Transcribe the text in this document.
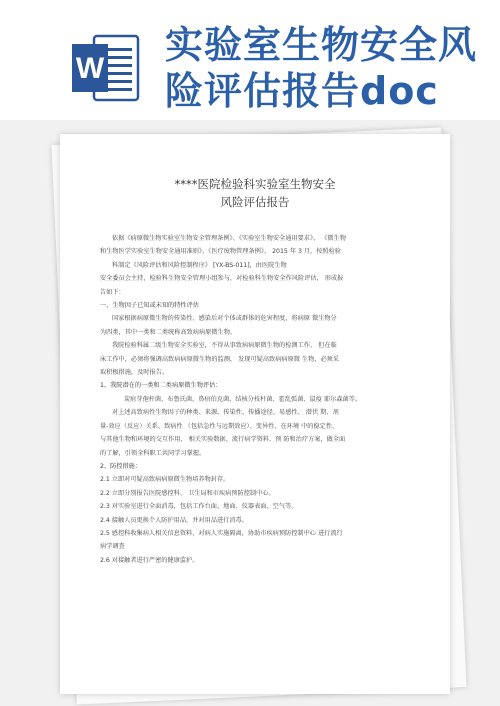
W
实验室生物安全风险评估报告doc

****医院检验科实验室生物安全

风险评估报告

依据《病原微生物实验室生物安全管理条例》、《实验室生物安全通用要求》、 《微生物
和生物医学实验室生物安全通用准则》、《医疗废物管理条例》、 2015 年 3 月，按照检验
科制定《风险评估和风险控制程序》 [YX-BS-011]，由医院生物
安全委员会主持，检验科生物安全管理小组参与，对检验科生物安全作风险评估， 形成报
告如下：
一、生物因子已知或未知的特性评估
国家根据病原微生物的传染性、感染后对个体或群体的危害程度，将病原 微生物分
为四类，其中一类和二类统称高致病病原微生物。
我院检验科属二级生物安全实验室，不得从事致病病原微生物的检测工作， 但在临
床工作中，必须将强调高致病病原微生物的监测， 发现可疑高致病病原微 生物，必须采
取积极措施，及时报告。
1、我院潜在的一类和二类病原微生物评估：
炭疽芽孢杆菌、布鲁氏菌、鼻疽伯克菌、结核分枝杆菌、霍乱弧菌、鼠疫 耶尔森菌等。
对上述高致病性生物因子的种类、来源、传染性、传播途径、易感性、 潜伏 期、剂
量-效应（反应）关系、致病性 （包括急性与远期效应）、变异性、在环境 中的稳定性、
与其他生物和环境的交互作用、 相关实验数据、流行病学资料、预 防和治疗方案，做全面
的了解，引领全科职工共同学习掌握。
2、防控措施：
2.1 立即对可疑高致病病原微生物培养物封存。
2.2 立即分别报告医院感控科、 卫生局和市疾病预防控制中心。
2.3 对实验室进行全面消毒，包括工作台面、地面、仪器表面、空气等。
2.4 接触人员更换个人防护用品，并对用品进行消毒。
2.5 感控科收集病人相关信息资料，对病人实施隔离，协助市疾病预防控制中心 进行流行
病学调查
2.6 对接触者进行严密的健康监护。
